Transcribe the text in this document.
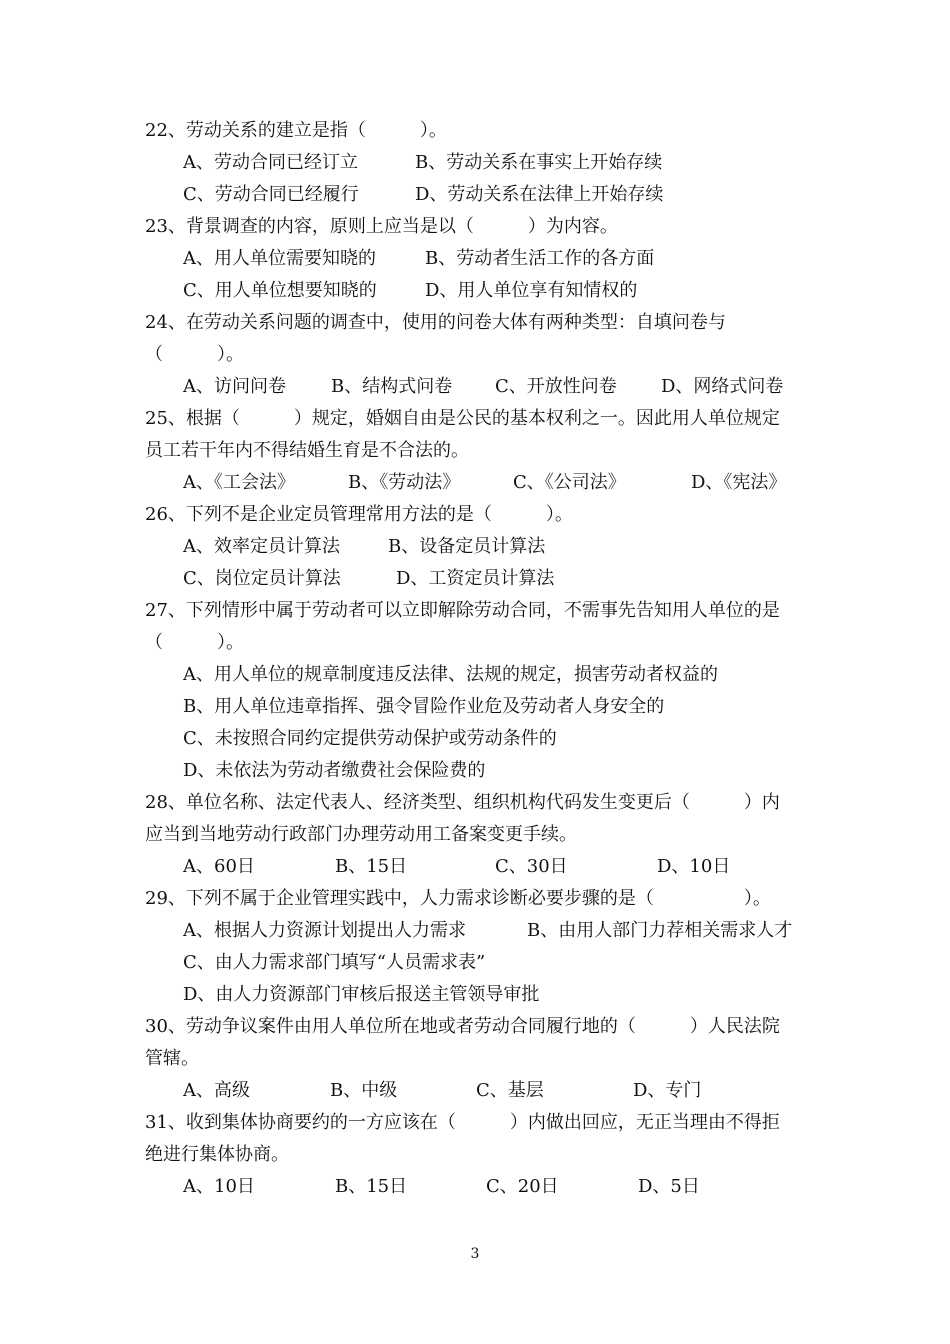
22、劳动关系的建立是指（　　　）。
A、劳动合同已经订立	B、劳动关系在事实上开始存续
C、劳动合同已经履行	D、劳动关系在法律上开始存续
23、背景调查的内容，原则上应当是以（　　　）为内容。
A、用人单位需要知晓的	B、劳动者生活工作的各方面
C、用人单位想要知晓的	D、用人单位享有知情权的
24、在劳动关系问题的调查中，使用的问卷大体有两种类型：自填问卷与
（　　　）。
A、访问问卷	B、结构式问卷 C、开放性问卷 D、网络式问卷
25、根据（　　　）规定，婚姻自由是公民的基本权利之一。因此用人单位规定
员工若干年内不得结婚生育是不合法的。
A、《工会法》	B、《劳动法》	C、《公司法》	D、《宪法》
26、下列不是企业定员管理常用方法的是（　　　）。
A、效率定员计算法	B、设备定员计算法
C、岗位定员计算法	D、工资定员计算法
27、下列情形中属于劳动者可以立即解除劳动合同，不需事先告知用人单位的是
（　　　）。
A、用人单位的规章制度违反法律、法规的规定，损害劳动者权益的
B、用人单位违章指挥、强令冒险作业危及劳动者人身安全的
C、未按照合同约定提供劳动保护或劳动条件的
D、未依法为劳动者缴费社会保险费的
28、单位名称、法定代表人、经济类型、组织机构代码发生变更后（　　　）内
应当到当地劳动行政部门办理劳动用工备案变更手续。
A、60日	B、15日	C、30日	D、10日
29、下列不属于企业管理实践中，人力需求诊断必要步骤的是（　　　　　）。
A、根据人力资源计划提出人力需求	B、由用人部门力荐相关需求人才
C、由人力需求部门填写“人员需求表”
D、由人力资源部门审核后报送主管领导审批
30、劳动争议案件由用人单位所在地或者劳动合同履行地的（　　　）人民法院
管辖。
A、高级	B、中级	C、基层	D、专门
31、收到集体协商要约的一方应该在（　　　）内做出回应，无正当理由不得拒
绝进行集体协商。
A、10日	B、15日	C、20日	D、5日
3
